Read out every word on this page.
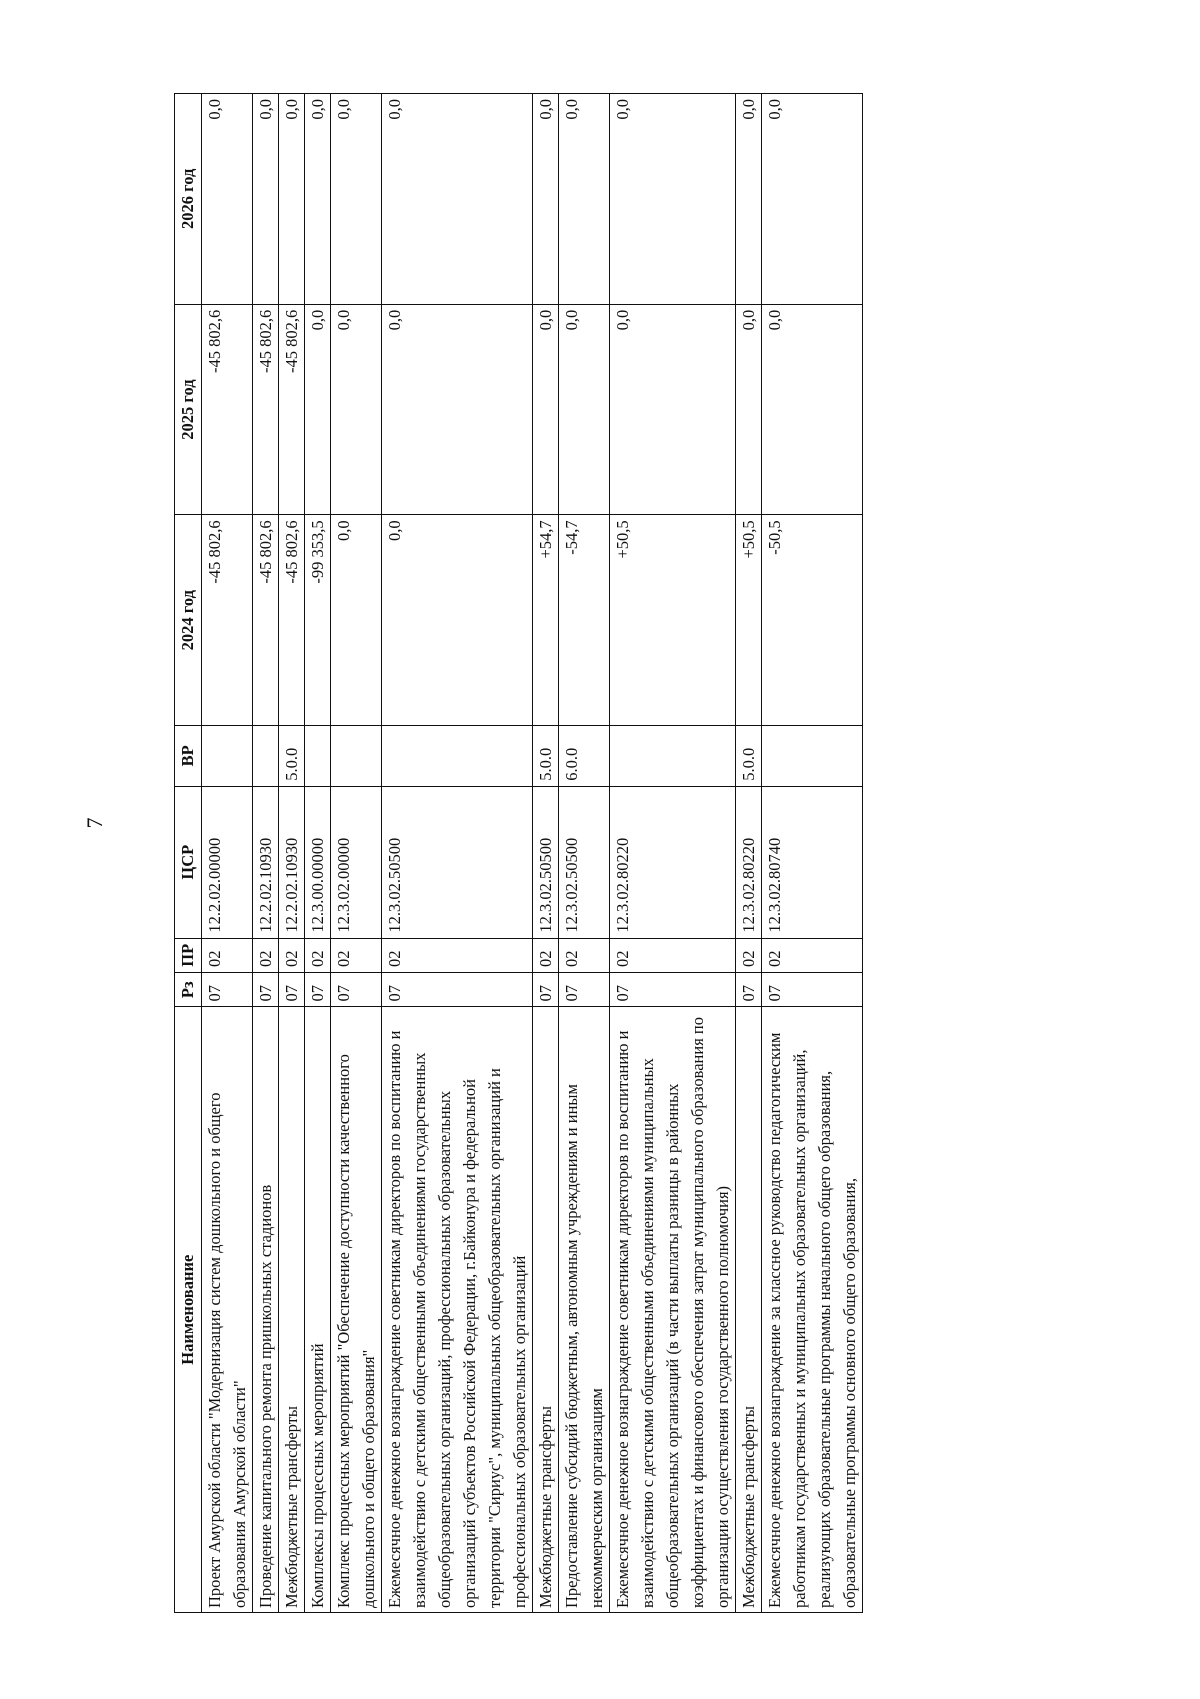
7
Наименование	Рз	ПР	ЦСР	ВР	2024 год	2025 год	2026 год
Проект Амурской области "Модернизация систем дошкольного и общего образования Амурской области"	07	02	12.2.02.00000		-45 802,6	-45 802,6	0,0
Проведение капитального ремонта пришкольных стадионов	07	02	12.2.02.10930		-45 802,6	-45 802,6	0,0
Межбюджетные трансферты	07	02	12.2.02.10930	5.0.0	-45 802,6	-45 802,6	0,0
Комплексы процессных мероприятий	07	02	12.3.00.00000		-99 353,5	0,0	0,0
Комплекс процессных мероприятий "Обеспечение доступности качественного дошкольного и общего образования"	07	02	12.3.02.00000		0,0	0,0	0,0
Ежемесячное денежное вознаграждение советникам директоров по воспитанию и взаимодействию с детскими общественными объединениями государственных общеобразовательных организаций, профессиональных образовательных организаций субъектов Российской Федерации, г.Байконура и федеральной территории "Сириус", муниципальных общеобразовательных организаций и профессиональных образовательных организаций	07	02	12.3.02.50500		0,0	0,0	0,0
Межбюджетные трансферты	07	02	12.3.02.50500	5.0.0	+54,7	0,0	0,0
Предоставление субсидий бюджетным, автономным учреждениям и иным некоммерческим организациям	07	02	12.3.02.50500	6.0.0	-54,7	0,0	0,0
Ежемесячное денежное вознаграждение советникам директоров по воспитанию и взаимодействию с детскими общественными объединениями муниципальных общеобразовательных организаций (в части выплаты разницы в районных коэффициентах и финансового обеспечения затрат муниципального образования по организации осуществления государственного полномочия)	07	02	12.3.02.80220		+50,5	0,0	0,0
Межбюджетные трансферты	07	02	12.3.02.80220	5.0.0	+50,5	0,0	0,0
Ежемесячное денежное вознаграждение за классное руководство педагогическим работникам государственных и муниципальных образовательных организаций, реализующих образовательные программы начального общего образования, образовательные программы основного общего образования,	07	02	12.3.02.80740		-50,5	0,0	0,0
